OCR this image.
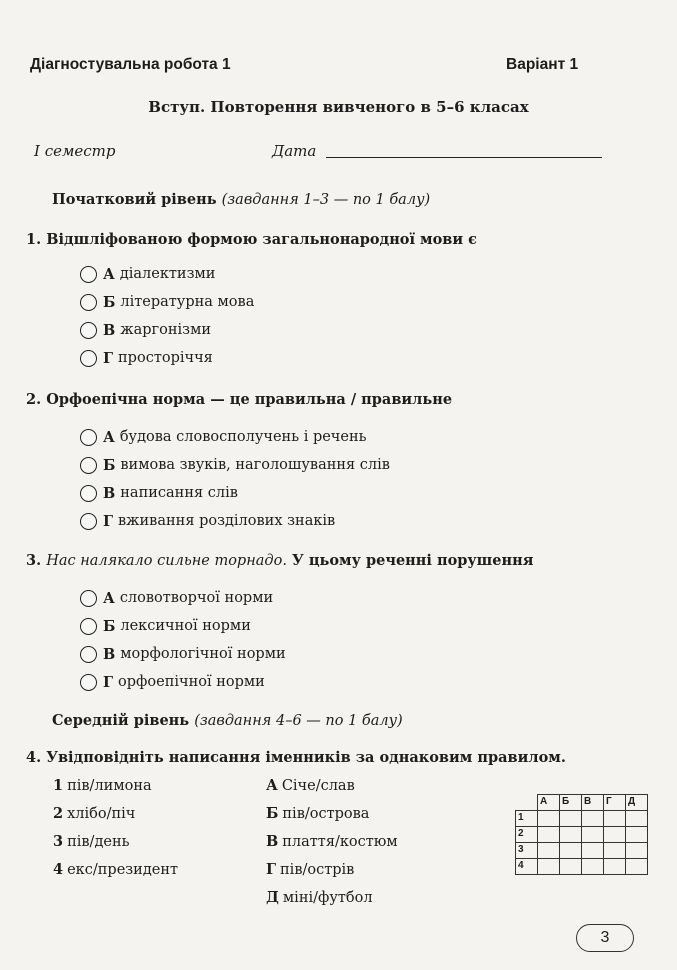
Діагностувальна робота 1	Варіант 1
Вступ. Повторення вивченого в 5–6 класах
І семестр	Дата
Початковий рівень (завдання 1–3 — по 1 балу)
1. Відшліфованою формою загальнонародної мови є
А діалектизми
Б літературна мова
В жаргонізми
Г просторіччя
2. Орфоепічна норма — це правильна / правильне
А будова словосполучень і речень
Б вимова звуків, наголошування слів
В написання слів
Г вживання розділових знаків
3. Нас налякало сильне торнадо. У цьому реченні порушення
А словотворчої норми
Б лексичної норми
В морфологічної норми
Г орфоепічної норми
Середній рівень (завдання 4–6 — по 1 балу)
4. Увідповідніть написання іменників за однаковим правилом.
1 пів/лимона
2 хлібо/піч
3 пів/день
4 екс/президент
А Січе/слав
Б пів/острова
В плаття/костюм
Г пів/острів
Д міні/футбол
	А	Б	В	Г	Д
1					
2					
3					
4					
3
